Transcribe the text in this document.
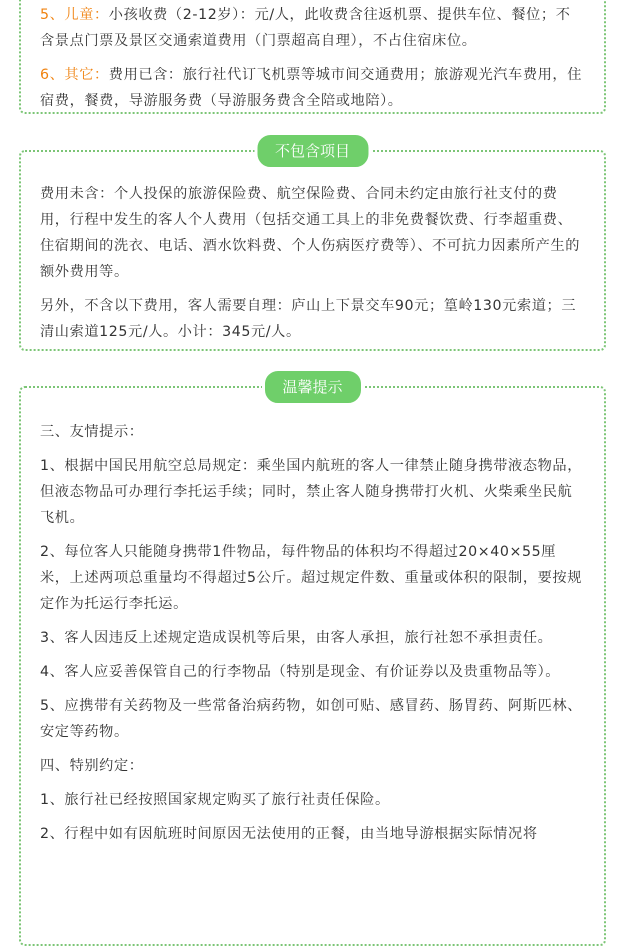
5、儿童：小孩收费（2-12岁）：元/人，此收费含往返机票、提供车位、餐位；不含景点门票及景区交通索道费用（门票超高自理），不占住宿床位。

6、其它：费用已含：旅行社代订飞机票等城市间交通费用；旅游观光汽车费用，住宿费，餐费，导游服务费（导游服务费含全陪或地陪）。

费用未含：个人投保的旅游保险费、航空保险费、合同未约定由旅行社支付的费用，行程中发生的客人个人费用（包括交通工具上的非免费餐饮费、行李超重费、住宿期间的洗衣、电话、酒水饮料费、个人伤病医疗费等）、不可抗力因素所产生的额外费用等。

另外，不含以下费用，客人需要自理：庐山上下景交车90元；篁岭130元索道；三清山索道125元/人。小计：345元/人。

不包含项目

三、友情提示：

1、根据中国民用航空总局规定：乘坐国内航班的客人一律禁止随身携带液态物品，但液态物品可办理行李托运手续；同时，禁止客人随身携带打火机、火柴乘坐民航飞机。

2、每位客人只能随身携带1件物品，每件物品的体积均不得超过20×40×55厘米，上述两项总重量均不得超过5公斤。超过规定件数、重量或体积的限制，要按规定作为托运行李托运。

3、客人因违反上述规定造成误机等后果，由客人承担，旅行社恕不承担责任。

4、客人应妥善保管自己的行李物品（特别是现金、有价证券以及贵重物品等）。

5、应携带有关药物及一些常备治病药物，如创可贴、感冒药、肠胃药、阿斯匹林、安定等药物。

四、特别约定：

1、旅行社已经按照国家规定购买了旅行社责任保险。

2、行程中如有因航班时间原因无法使用的正餐，由当地导游根据实际情况将

温馨提示
